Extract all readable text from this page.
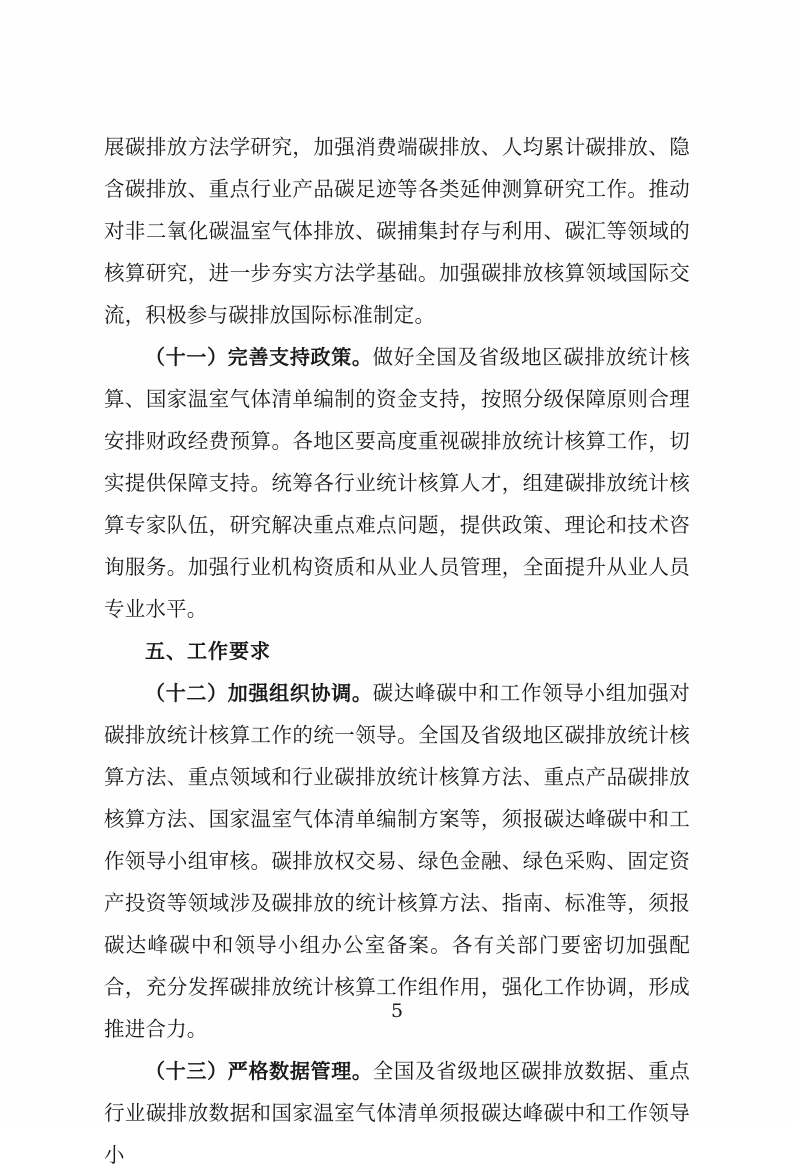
展碳排放方法学研究，加强消费端碳排放、人均累计碳排放、隐含碳排放、重点行业产品碳足迹等各类延伸测算研究工作。推动对非二氧化碳温室气体排放、碳捕集封存与利用、碳汇等领域的核算研究，进一步夯实方法学基础。加强碳排放核算领域国际交流，积极参与碳排放国际标准制定。

（十一）完善支持政策。做好全国及省级地区碳排放统计核算、国家温室气体清单编制的资金支持，按照分级保障原则合理安排财政经费预算。各地区要高度重视碳排放统计核算工作，切实提供保障支持。统筹各行业统计核算人才，组建碳排放统计核算专家队伍，研究解决重点难点问题，提供政策、理论和技术咨询服务。加强行业机构资质和从业人员管理，全面提升从业人员专业水平。

五、工作要求

（十二）加强组织协调。碳达峰碳中和工作领导小组加强对碳排放统计核算工作的统一领导。全国及省级地区碳排放统计核算方法、重点领域和行业碳排放统计核算方法、重点产品碳排放核算方法、国家温室气体清单编制方案等，须报碳达峰碳中和工作领导小组审核。碳排放权交易、绿色金融、绿色采购、固定资产投资等领域涉及碳排放的统计核算方法、指南、标准等，须报碳达峰碳中和领导小组办公室备案。各有关部门要密切加强配合，充分发挥碳排放统计核算工作组作用，强化工作协调，形成推进合力。

（十三）严格数据管理。全国及省级地区碳排放数据、重点行业碳排放数据和国家温室气体清单须报碳达峰碳中和工作领导小

5
